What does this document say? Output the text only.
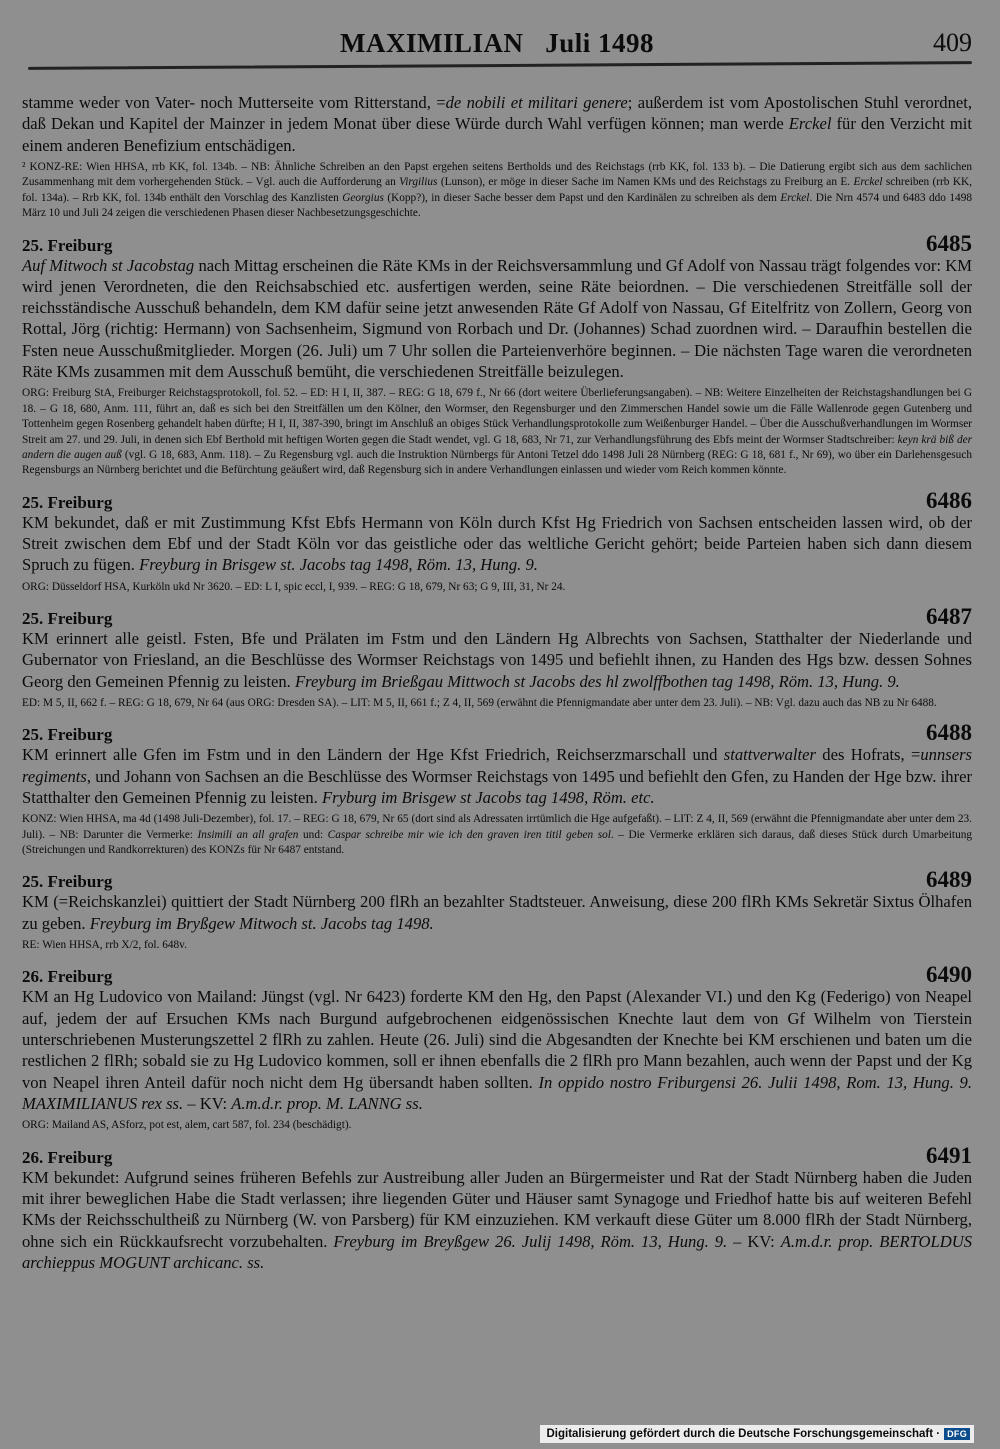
MAXIMILIAN   Juli 1498	409

stamme weder von Vater- noch Mutterseite vom Ritterstand, =de nobili et militari genere; außerdem ist vom Apostolischen Stuhl verordnet, daß Dekan und Kapitel der Mainzer in jedem Monat über diese Würde durch Wahl verfügen können; man werde Erckel für den Verzicht mit einem anderen Benefizium entschädigen.

² KONZ-RE: Wien HHSA, rrb KK, fol. 134b. – NB: Ähnliche Schreiben an den Papst ergehen seitens Bertholds und des Reichstags (rrb KK, fol. 133 b). – Die Datierung ergibt sich aus dem sachlichen Zusammenhang mit dem vorhergehenden Stück. – Vgl. auch die Aufforderung an Virgilius (Lunson), er möge in dieser Sache im Namen KMs und des Reichstags zu Freiburg an E. Erckel schreiben (rrb KK, fol. 134a). – Rrb KK, fol. 134b enthält den Vorschlag des Kanzlisten Georgius (Kopp?), in dieser Sache besser dem Papst und den Kardinälen zu schreiben als dem Erckel. Die Nrn 4574 und 6483 ddo 1498 März 10 und Juli 24 zeigen die verschiedenen Phasen dieser Nachbesetzungsgeschichte.

25. Freiburg	6485

Auf Mitwoch st Jacobstag nach Mittag erscheinen die Räte KMs in der Reichsversammlung und Gf Adolf von Nassau trägt folgendes vor: KM wird jenen Verordneten, die den Reichsabschied etc. ausfertigen werden, seine Räte beiordnen. – Die verschiedenen Streitfälle soll der reichsständische Ausschuß behandeln, dem KM dafür seine jetzt anwesenden Räte Gf Adolf von Nassau, Gf Eitelfritz von Zollern, Georg von Rottal, Jörg (richtig: Hermann) von Sachsenheim, Sigmund von Rorbach und Dr. (Johannes) Schad zuordnen wird. – Daraufhin bestellen die Fsten neue Ausschußmitglieder. Morgen (26. Juli) um 7 Uhr sollen die Parteienverhöre beginnen. – Die nächsten Tage waren die verordneten Räte KMs zusammen mit dem Ausschuß bemüht, die verschiedenen Streitfälle beizulegen.

ORG: Freiburg StA, Freiburger Reichstagsprotokoll, fol. 52. – ED: H I, II, 387. – REG: G 18, 679 f., Nr 66 (dort weitere Überlieferungsangaben). – NB: Weitere Einzelheiten der Reichstagshandlungen bei G 18. – G 18, 680, Anm. 111, führt an, daß es sich bei den Streitfällen um den Kölner, den Wormser, den Regensburger und den Zimmerschen Handel sowie um die Fälle Wallenrode gegen Gutenberg und Tottenheim gegen Rosenberg gehandelt haben dürfte; H I, II, 387-390, bringt im Anschluß an obiges Stück Verhandlungsprotokolle zum Weißenburger Handel. – Über die Ausschußverhandlungen im Wormser Streit am 27. und 29. Juli, in denen sich Ebf Berthold mit heftigen Worten gegen die Stadt wendet, vgl. G 18, 683, Nr 71, zur Verhandlungsführung des Ebfs meint der Wormser Stadtschreiber: keyn krä biß der andern die augen auß (vgl. G 18, 683, Anm. 118). – Zu Regensburg vgl. auch die Instruktion Nürnbergs für Antoni Tetzel ddo 1498 Juli 28 Nürnberg (REG: G 18, 681 f., Nr 69), wo über ein Darlehensgesuch Regensburgs an Nürnberg berichtet und die Befürchtung geäußert wird, daß Regensburg sich in andere Verhandlungen einlassen und wieder vom Reich kommen könnte.

25. Freiburg	6486

KM bekundet, daß er mit Zustimmung Kfst Ebfs Hermann von Köln durch Kfst Hg Friedrich von Sachsen entscheiden lassen wird, ob der Streit zwischen dem Ebf und der Stadt Köln vor das geistliche oder das weltliche Gericht gehört; beide Parteien haben sich dann diesem Spruch zu fügen. Freyburg in Brisgew st. Jacobs tag 1498, Röm. 13, Hung. 9.

ORG: Düsseldorf HSA, Kurköln ukd Nr 3620. – ED: L I, spic eccl, I, 939. – REG: G 18, 679, Nr 63; G 9, III, 31, Nr 24.

25. Freiburg	6487

KM erinnert alle geistl. Fsten, Bfe und Prälaten im Fstm und den Ländern Hg Albrechts von Sachsen, Statthalter der Niederlande und Gubernator von Friesland, an die Beschlüsse des Wormser Reichstags von 1495 und befiehlt ihnen, zu Handen des Hgs bzw. dessen Sohnes Georg den Gemeinen Pfennig zu leisten. Freyburg im Brießgau Mittwoch st Jacobs des hl zwolffbothen tag 1498, Röm. 13, Hung. 9.

ED: M 5, II, 662 f. – REG: G 18, 679, Nr 64 (aus ORG: Dresden SA). – LIT: M 5, II, 661 f.; Z 4, II, 569 (erwähnt die Pfennigmandate aber unter dem 23. Juli). – NB: Vgl. dazu auch das NB zu Nr 6488.

25. Freiburg	6488

KM erinnert alle Gfen im Fstm und in den Ländern der Hge Kfst Friedrich, Reichserzmarschall und stattverwalter des Hofrats, =unnsers regiments, und Johann von Sachsen an die Beschlüsse des Wormser Reichstags von 1495 und befiehlt den Gfen, zu Handen der Hge bzw. ihrer Statthalter den Gemeinen Pfennig zu leisten. Fryburg im Brisgew st Jacobs tag 1498, Röm. etc.

KONZ: Wien HHSA, ma 4d (1498 Juli-Dezember), fol. 17. – REG: G 18, 679, Nr 65 (dort sind als Adressaten irrtümlich die Hge aufgefaßt). – LIT: Z 4, II, 569 (erwähnt die Pfennigmandate aber unter dem 23. Juli). – NB: Darunter die Vermerke: Insimili an all grafen und: Caspar schreibe mir wie ich den graven iren titil geben sol. – Die Vermerke erklären sich daraus, daß dieses Stück durch Umarbeitung (Streichungen und Randkorrekturen) des KONZs für Nr 6487 entstand.

25. Freiburg	6489

KM (=Reichskanzlei) quittiert der Stadt Nürnberg 200 flRh an bezahlter Stadtsteuer. Anweisung, diese 200 flRh KMs Sekretär Sixtus Ölhafen zu geben. Freyburg im Bryßgew Mitwoch st. Jacobs tag 1498.

RE: Wien HHSA, rrb X/2, fol. 648v.

26. Freiburg	6490

KM an Hg Ludovico von Mailand: Jüngst (vgl. Nr 6423) forderte KM den Hg, den Papst (Alexander VI.) und den Kg (Federigo) von Neapel auf, jedem der auf Ersuchen KMs nach Burgund aufgebrochenen eidgenössischen Knechte laut dem von Gf Wilhelm von Tierstein unterschriebenen Musterungszettel 2 flRh zu zahlen. Heute (26. Juli) sind die Abgesandten der Knechte bei KM erschienen und baten um die restlichen 2 flRh; sobald sie zu Hg Ludovico kommen, soll er ihnen ebenfalls die 2 flRh pro Mann bezahlen, auch wenn der Papst und der Kg von Neapel ihren Anteil dafür noch nicht dem Hg übersandt haben sollten. In oppido nostro Friburgensi 26. Julii 1498, Rom. 13, Hung. 9. MAXIMILIANUS rex ss. – KV: A.m.d.r. prop. M. LANNG ss.

ORG: Mailand AS, ASforz, pot est, alem, cart 587, fol. 234 (beschädigt).

26. Freiburg	6491

KM bekundet: Aufgrund seines früheren Befehls zur Austreibung aller Juden an Bürgermeister und Rat der Stadt Nürnberg haben die Juden mit ihrer beweglichen Habe die Stadt verlassen; ihre liegenden Güter und Häuser samt Synagoge und Friedhof hatte bis auf weiteren Befehl KMs der Reichsschultheiß zu Nürnberg (W. von Parsberg) für KM einzuziehen. KM verkauft diese Güter um 8.000 flRh der Stadt Nürnberg, ohne sich ein Rückkaufsrecht vorzubehalten. Freyburg im Breyßgew 26. Julij 1498, Röm. 13, Hung. 9. – KV: A.m.d.r. prop. BERTOLDUS archieppus MOGUNT archicanc. ss.

Digitalisierung gefördert durch die Deutsche Forschungsgemeinschaft · DFG
